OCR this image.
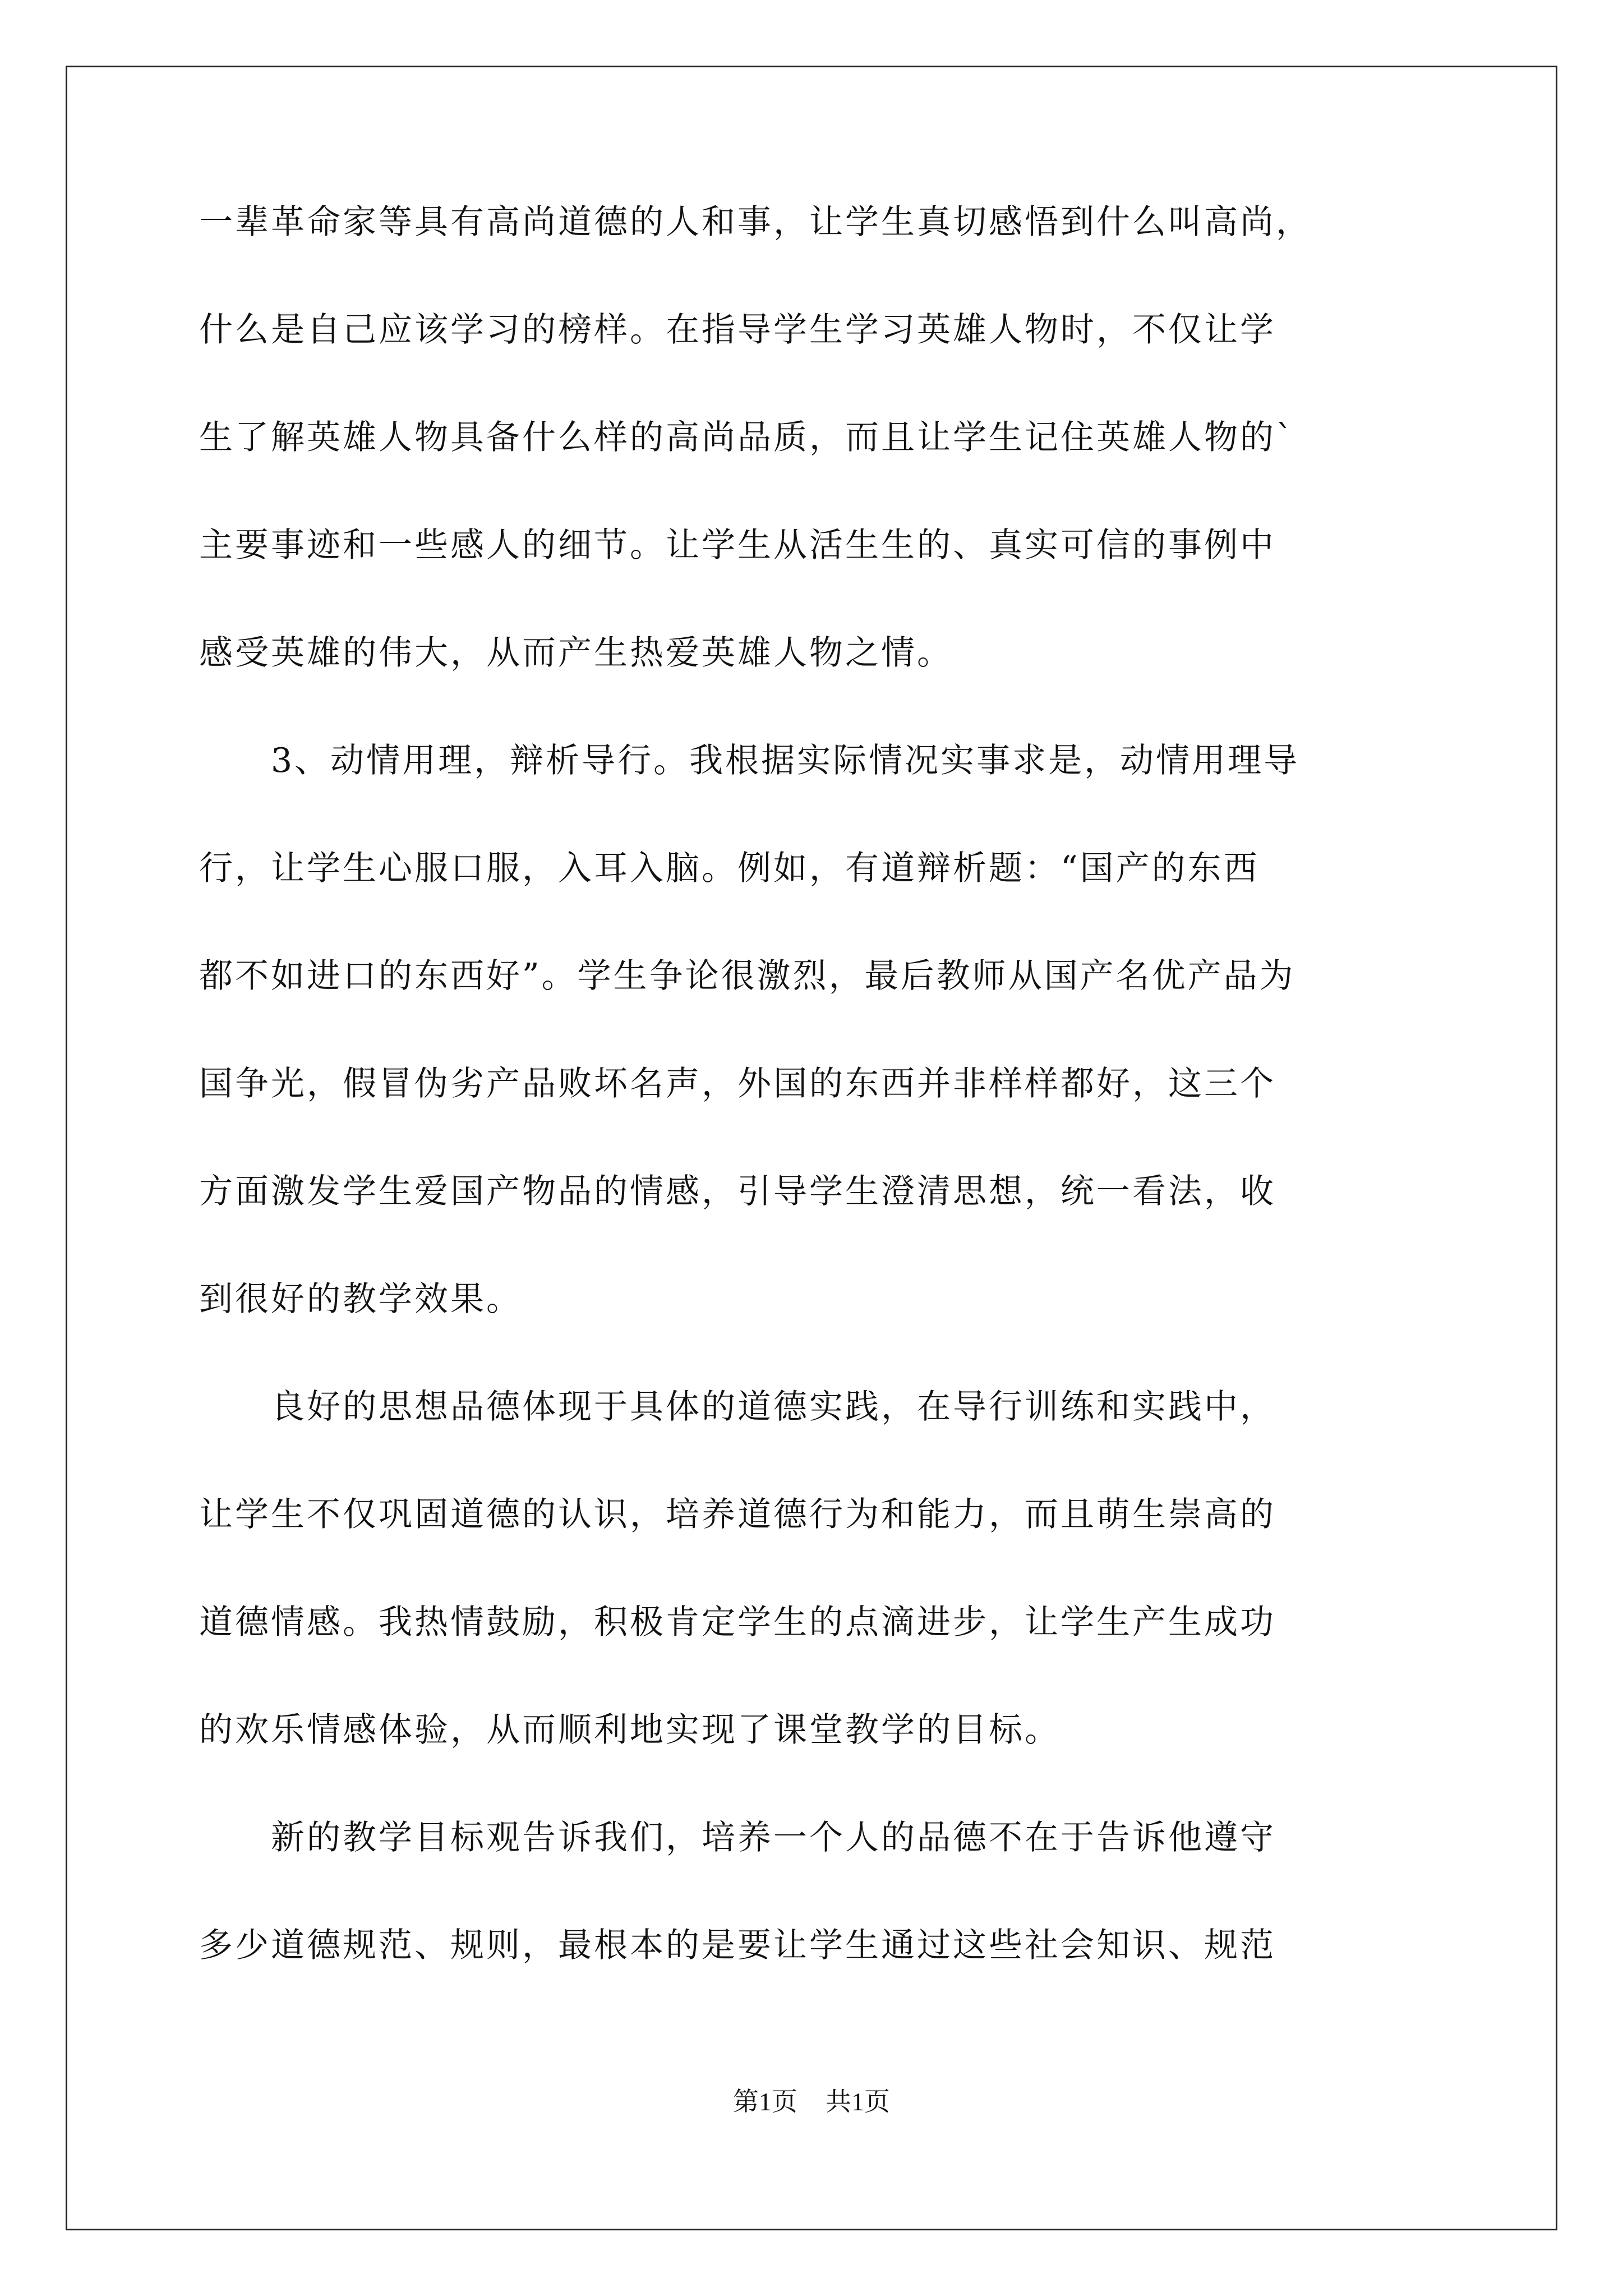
一辈革命家等具有高尚道德的人和事，让学生真切感悟到什么叫高尚，
什么是自己应该学习的榜样。在指导学生学习英雄人物时，不仅让学
生了解英雄人物具备什么样的高尚品质，而且让学生记住英雄人物的`
主要事迹和一些感人的细节。让学生从活生生的、真实可信的事例中
感受英雄的伟大，从而产生热爱英雄人物之情。
　　3、动情用理，辩析导行。我根据实际情况实事求是，动情用理导
行，让学生心服口服，入耳入脑。例如，有道辩析题：“国产的东西
都不如进口的东西好”。学生争论很激烈，最后教师从国产名优产品为
国争光，假冒伪劣产品败坏名声，外国的东西并非样样都好，这三个
方面激发学生爱国产物品的情感，引导学生澄清思想，统一看法，收
到很好的教学效果。
　　良好的思想品德体现于具体的道德实践，在导行训练和实践中，
让学生不仅巩固道德的认识，培养道德行为和能力，而且萌生崇高的
道德情感。我热情鼓励，积极肯定学生的点滴进步，让学生产生成功
的欢乐情感体验，从而顺利地实现了课堂教学的目标。
　　新的教学目标观告诉我们，培养一个人的品德不在于告诉他遵守
多少道德规范、规则，最根本的是要让学生通过这些社会知识、规范
第1页 共1页
